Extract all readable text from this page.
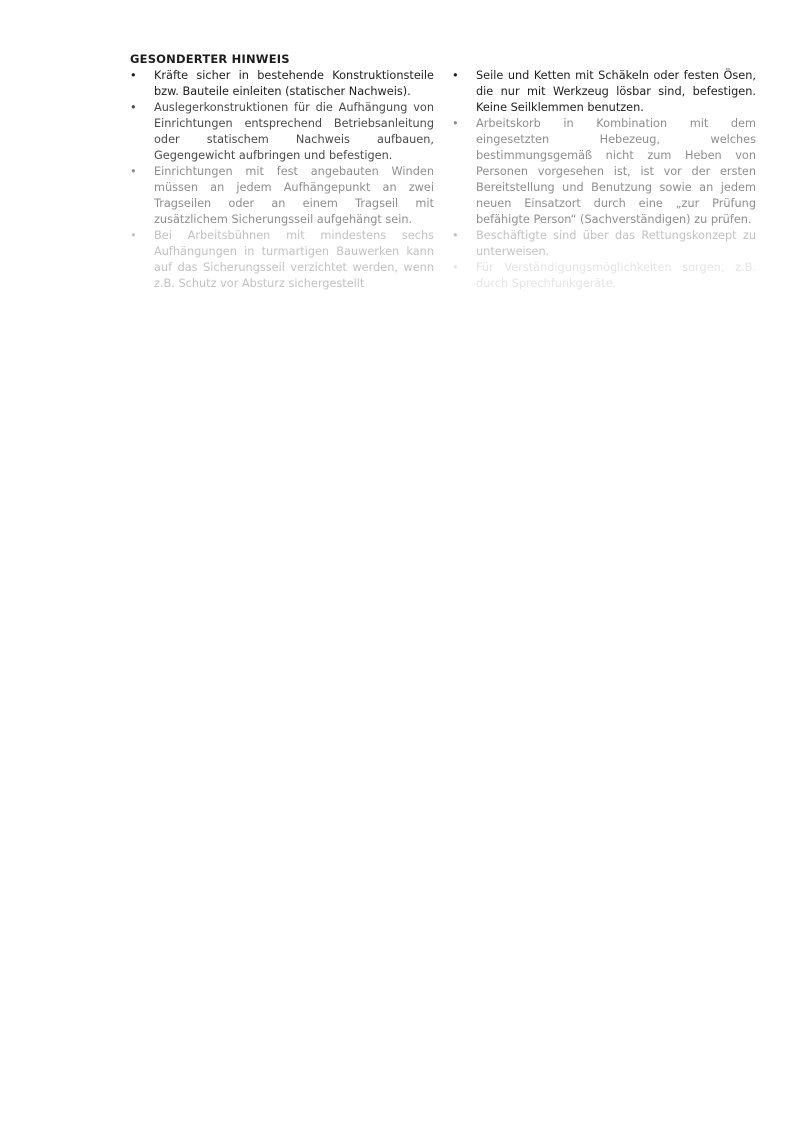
GESONDERTER HINWEIS
• Kräfte sicher in bestehende Konstruktionsteile bzw. Bauteile einleiten (statischer Nachweis).
• Auslegerkonstruktionen für die Aufhängung von Einrichtungen entsprechend Betriebsanleitung oder statischem Nachweis aufbauen, Gegengewicht aufbringen und befestigen.
• Einrichtungen mit fest angebauten Winden müssen an jedem Aufhängepunkt an zwei Tragseilen oder an einem Tragseil mit zusätzlichem Sicherungsseil aufgehängt sein.
• Bei Arbeitsbühnen mit mindestens sechs Aufhängungen in turmartigen Bauwerken kann auf das Sicherungsseil verzichtet werden, wenn z.B. Schutz vor Absturz sichergestellt
• Seile und Ketten mit Schäkeln oder festen Ösen, die nur mit Werkzeug lösbar sind, befestigen. Keine Seilklemmen benutzen.
• Arbeitskorb in Kombination mit dem eingesetzten Hebezeug, welches bestimmungsgemäß nicht zum Heben von Personen vorgesehen ist, ist vor der ersten Bereitstellung und Benutzung sowie an jedem neuen Einsatzort durch eine „zur Prüfung befähigte Person“ (Sachverständigen) zu prüfen.
• Beschäftigte sind über das Rettungskonzept zu unterweisen.
• Für Verständigungsmöglichkeiten sorgen, z.B. durch Sprechfunkgeräte.
